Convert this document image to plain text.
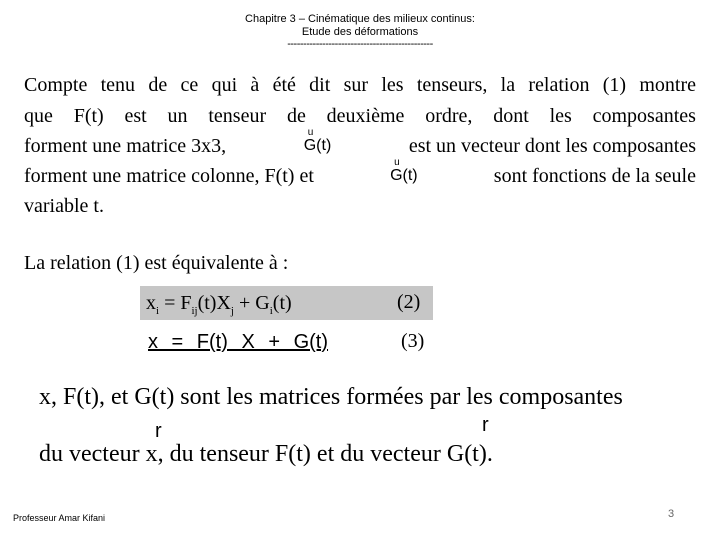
Chapitre 3 – Cinématique des milieux continus:
Etude des déformations
----------------------------------------------
Compte tenu de ce qui à été dit sur les tenseurs, la relation (1) montre
que F(t) est un tenseur de deuxième ordre, dont les composantes
forment une matrice 3x3,
u
G(t)	est un vecteur dont les composantes
forment une matrice colonne, F(t) et
u
G(t)	sont fonctions de la seule
variable t.
La relation (1) est équivalente à :
$x_i = F_{ij}(t)X_j + G_i(t)$	(2)
x = F(t) X + G(t)	(3)
x, F(t), et G(t) sont les matrices formées par les composantes
r	r
du vecteur x, du tenseur F(t) et du vecteur G(t).
Professeur Amar Kifani	3
